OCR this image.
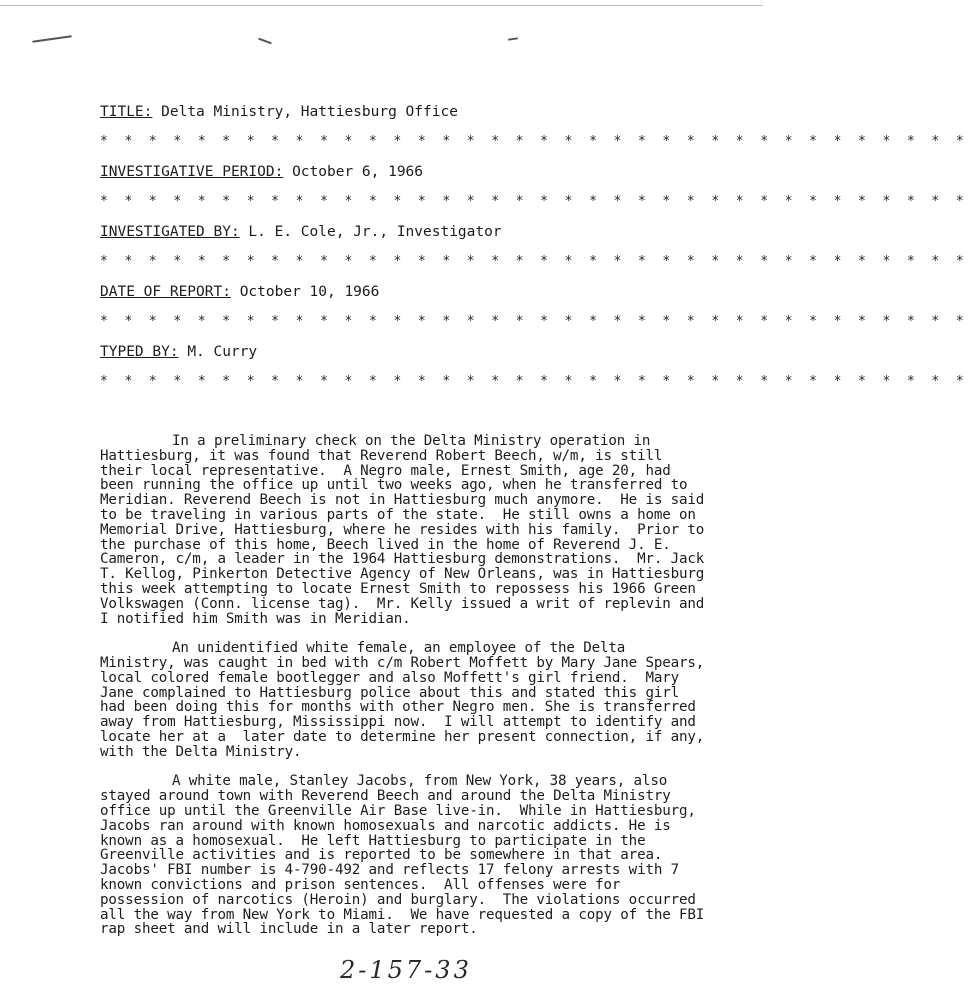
TITLE: Delta Ministry, Hattiesburg Office
* * * * * * * * * * * * * * * * * * * * * * * * * * * * * * * * * * * *
INVESTIGATIVE PERIOD: October 6, 1966
* * * * * * * * * * * * * * * * * * * * * * * * * * * * * * * * * * * *
INVESTIGATED BY: L. E. Cole, Jr., Investigator
* * * * * * * * * * * * * * * * * * * * * * * * * * * * * * * * * * * *
DATE OF REPORT: October 10, 1966
* * * * * * * * * * * * * * * * * * * * * * * * * * * * * * * * * * * *
TYPED BY: M. Curry
* * * * * * * * * * * * * * * * * * * * * * * * * * * * * * * * * * * *

In a preliminary check on the Delta Ministry operation in Hattiesburg, it was found that Reverend Robert Beech, w/m, is still their local representative.  A Negro male, Ernest Smith, age 20, had been running the office up until two weeks ago, when he transferred to Meridian. Reverend Beech is not in Hattiesburg much anymore.  He is said to be traveling in various parts of the state.  He still owns a home on Memorial Drive, Hattiesburg, where he resides with his family.  Prior to the purchase of this home, Beech lived in the home of Reverend J. E. Cameron, c/m, a leader in the 1964 Hattiesburg demonstrations.  Mr. Jack T. Kellog, Pinkerton Detective Agency of New Orleans, was in Hattiesburg this week attempting to locate Ernest Smith to repossess his 1966 Green Volkswagen (Conn. license tag).  Mr. Kelly issued a writ of replevin and I notified him Smith was in Meridian.

An unidentified white female, an employee of the Delta Ministry, was caught in bed with c/m Robert Moffett by Mary Jane Spears, local colored female bootlegger and also Moffett's girl friend.  Mary Jane complained to Hattiesburg police about this and stated this girl had been doing this for months with other Negro men. She is transferred away from Hattiesburg, Mississippi now.  I will attempt to identify and locate her at a  later date to determine her present connection, if any, with the Delta Ministry.

A white male, Stanley Jacobs, from New York, 38 years, also stayed around town with Reverend Beech and around the Delta Ministry office up until the Greenville Air Base live-in.  While in Hattiesburg, Jacobs ran around with known homosexuals and narcotic addicts. He is known as a homosexual.  He left Hattiesburg to participate in the Greenville activities and is reported to be somewhere in that area.  Jacobs' FBI number is 4-790-492 and reflects 17 felony arrests with 7 known convictions and prison sentences.  All offenses were for possession of narcotics (Heroin) and burglary.  The violations occurred all the way from New York to Miami.  We have requested a copy of the FBI rap sheet and will include in a later report.

2-157-33
